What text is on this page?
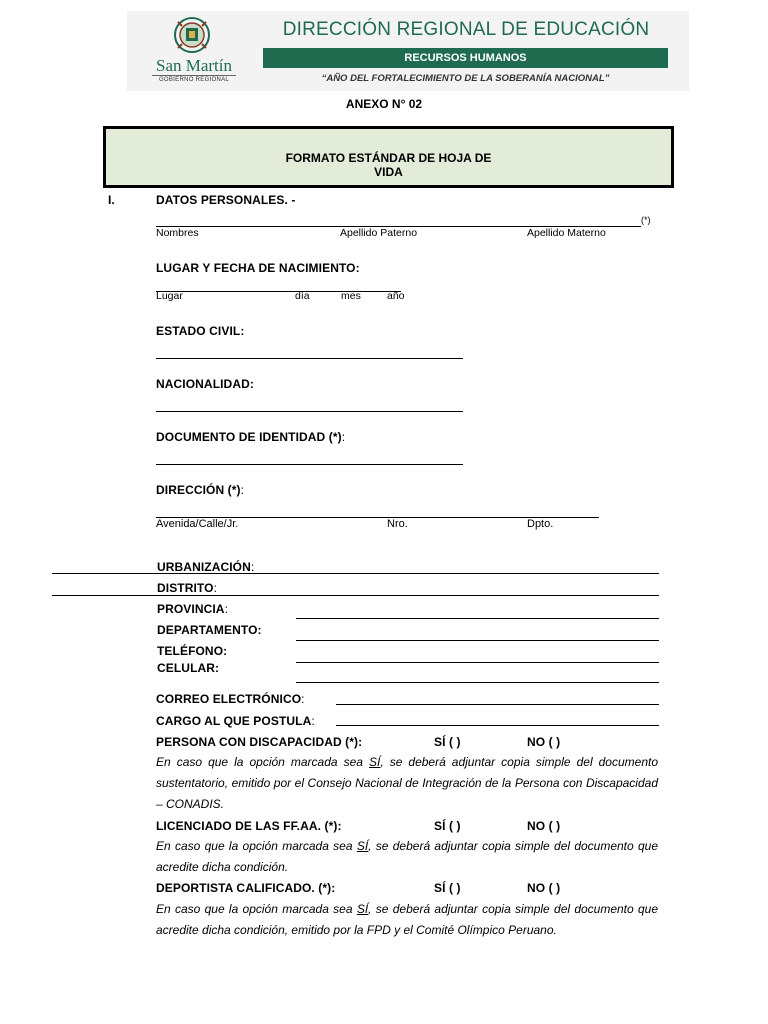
San Martín
GOBIERNO REGIONAL
DIRECCIÓN REGIONAL DE EDUCACIÓN
RECURSOS HUMANOS
“AÑO DEL FORTALECIMIENTO DE LA SOBERANÍA NACIONAL”
ANEXO N° 02
FORMATO ESTÁNDAR DE HOJA DE
VIDA
I.	DATOS PERSONALES. -
(*)
Nombres	Apellido Paterno	Apellido Materno
LUGAR Y FECHA DE NACIMIENTO:
Lugar	día	mes año
ESTADO CIVIL:
NACIONALIDAD:
DOCUMENTO DE IDENTIDAD (*):
DIRECCIÓN (*):
Avenida/Calle/Jr.	Nro.	Dpto.
URBANIZACIÓN:
DISTRITO:
PROVINCIA:
DEPARTAMENTO:
TELÉFONO:
CELULAR:
CORREO ELECTRÓNICO:
CARGO AL QUE POSTULA:
PERSONA CON DISCAPACIDAD (*):	SÍ ( )	NO ( )
En caso que la opción marcada sea SÍ, se deberá adjuntar copia simple del documento sustentatorio, emitido por el Consejo Nacional de Integración de la Persona con Discapacidad – CONADIS.
LICENCIADO DE LAS FF.AA. (*):	SÍ ( )	NO ( )
En caso que la opción marcada sea SÍ, se deberá adjuntar copia simple del documento que acredite dicha condición.
DEPORTISTA CALIFICADO. (*):	SÍ ( )	NO ( )
En caso que la opción marcada sea SÍ, se deberá adjuntar copia simple del documento que acredite dicha condición, emitido por la FPD y el Comité Olímpico Peruano.
